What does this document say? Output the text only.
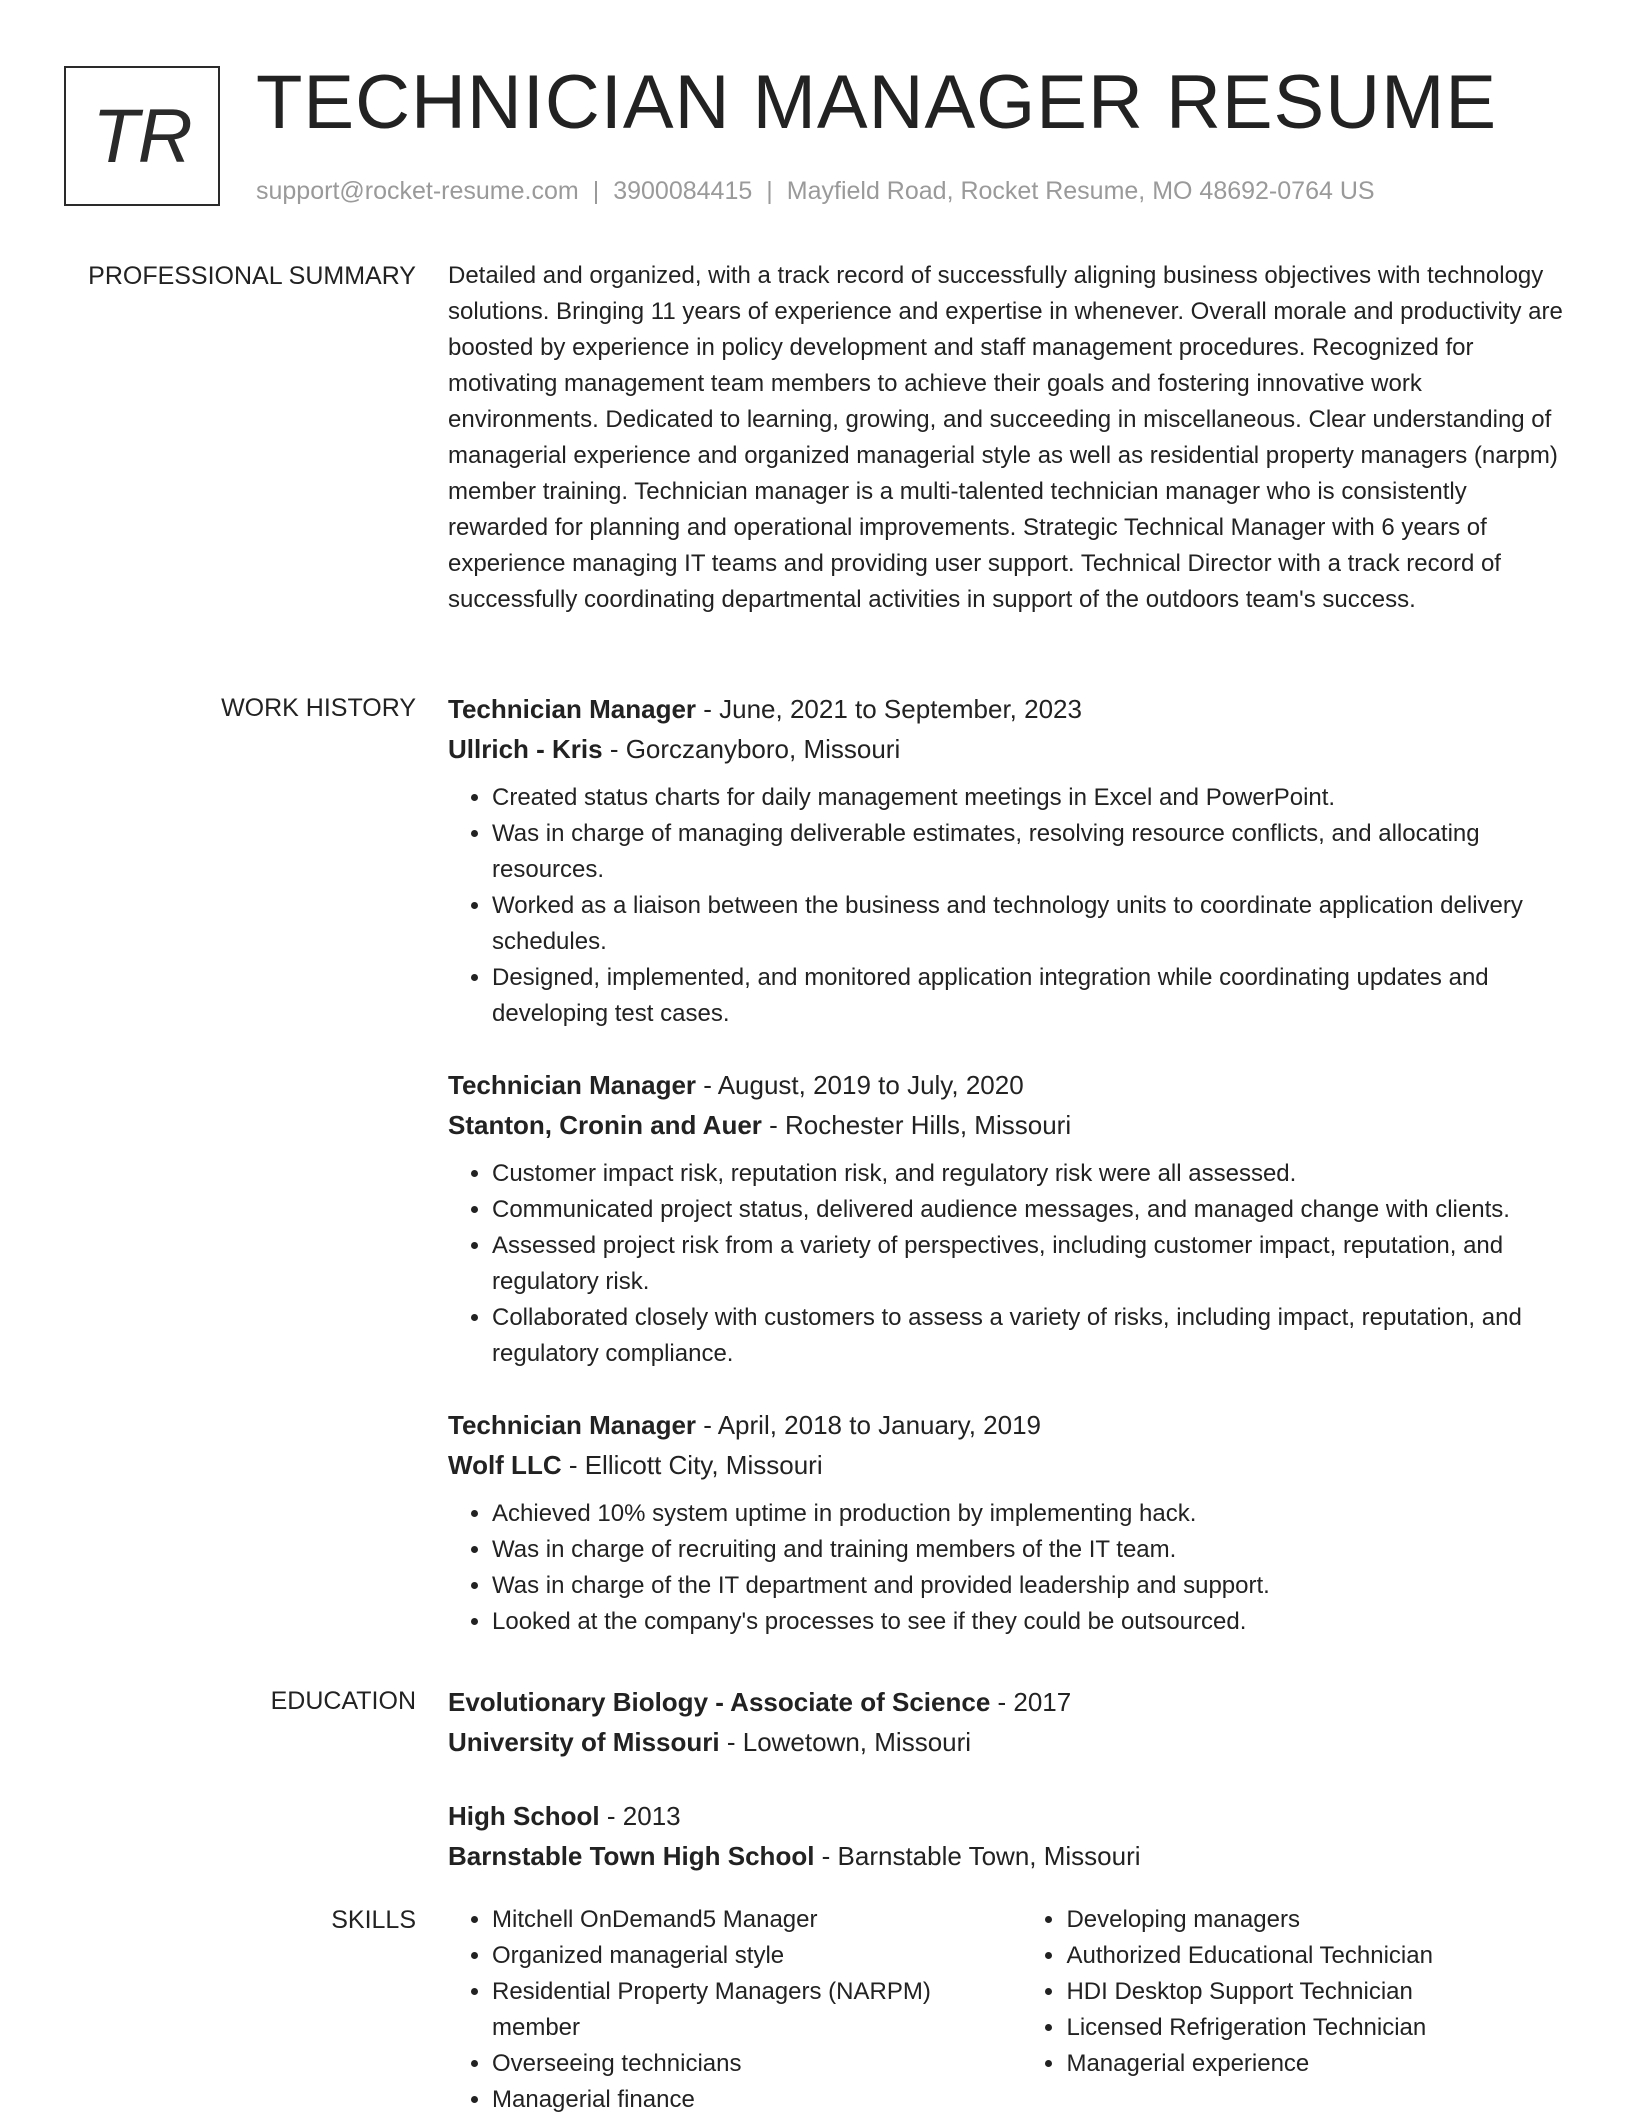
TR TECHNICIAN MANAGER RESUME
support@rocket-resume.com | 3900084415 | Mayfield Road, Rocket Resume, MO 48692-0764 US
PROFESSIONAL SUMMARY Detailed and organized, with a track record of successfully aligning business objectives with technology solutions. Bringing 11 years of experience and expertise in whenever. Overall morale and productivity are boosted by experience in policy development and staff management procedures. Recognized for motivating management team members to achieve their goals and fostering innovative work environments. Dedicated to learning, growing, and succeeding in miscellaneous. Clear understanding of managerial experience and organized managerial style as well as residential property managers (narpm) member training. Technician manager is a multi-talented technician manager who is consistently rewarded for planning and operational improvements. Strategic Technical Manager with 6 years of experience managing IT teams and providing user support. Technical Director with a track record of successfully coordinating departmental activities in support of the outdoors team's success.

WORK HISTORY Technician Manager - June, 2021 to September, 2023
Ullrich - Kris - Gorczanyboro, Missouri
• Created status charts for daily management meetings in Excel and PowerPoint.
• Was in charge of managing deliverable estimates, resolving resource conflicts, and allocating resources.
• Worked as a liaison between the business and technology units to coordinate application delivery schedules.
• Designed, implemented, and monitored application integration while coordinating updates and developing test cases.
Technician Manager - August, 2019 to July, 2020
Stanton, Cronin and Auer - Rochester Hills, Missouri
• Customer impact risk, reputation risk, and regulatory risk were all assessed.
• Communicated project status, delivered audience messages, and managed change with clients.
• Assessed project risk from a variety of perspectives, including customer impact, reputation, and regulatory risk.
• Collaborated closely with customers to assess a variety of risks, including impact, reputation, and regulatory compliance.
Technician Manager - April, 2018 to January, 2019
Wolf LLC - Ellicott City, Missouri
• Achieved 10% system uptime in production by implementing hack.
• Was in charge of recruiting and training members of the IT team.
• Was in charge of the IT department and provided leadership and support.
• Looked at the company's processes to see if they could be outsourced.
EDUCATION Evolutionary Biology - Associate of Science - 2017
University of Missouri - Lowetown, Missouri
High School - 2013
Barnstable Town High School - Barnstable Town, Missouri
SKILLS
•	Mitchell OnDemand5 Manager
• Organized managerial style
• Residential Property Managers (NARPM) member
• Overseeing technicians
• Managerial finance
• Developing managers
• Authorized Educational Technician
• HDI Desktop Support Technician
• Licensed Refrigeration Technician
• Managerial experience
